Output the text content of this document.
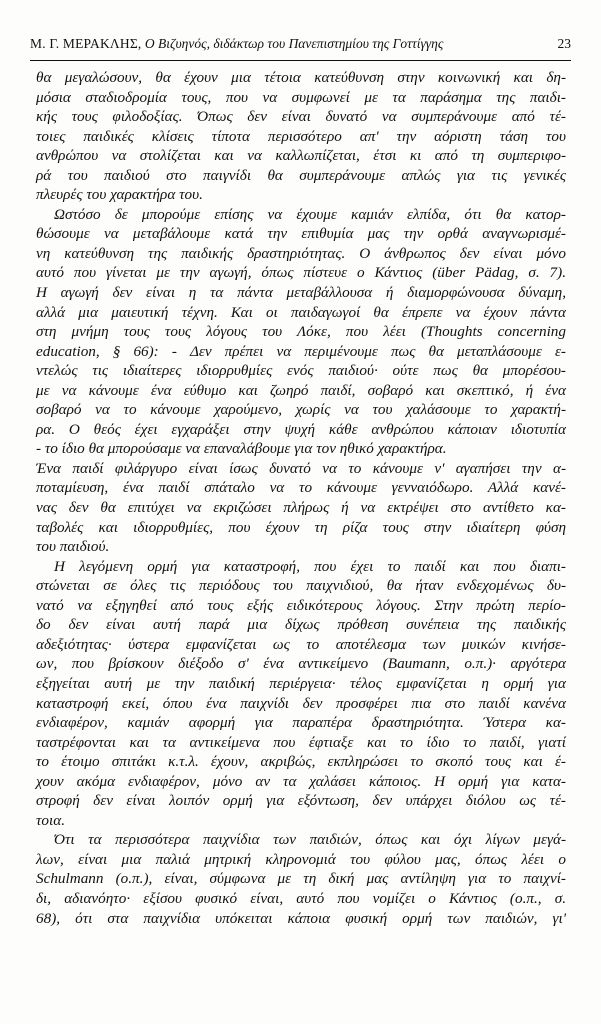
Μ. Γ. ΜΕΡΑΚΛΗΣ, Ο Βιζυηνός, διδάκτωρ του Πανεπιστημίου της Γοττίγγης	23
θα μεγαλώσουν, θα έχουν μια τέτοια κατεύθυνση στην κοινωνική και δη-
μόσια σταδιοδρομία τους, που να συμφωνεί με τα παράσημα της παιδι-
κής τους φιλοδοξίας. Όπως δεν είναι δυνατό να συμπεράνουμε από τέ-
τοιες παιδικές κλίσεις τίποτα περισσότερο απ' την αόριστη τάση του
ανθρώπου να στολίζεται και να καλλωπίζεται, έτσι κι από τη συμπεριφο-
ρά του παιδιού στο παιγνίδι θα συμπεράνουμε απλώς για τις γενικές
πλευρές του χαρακτήρα του.
Ωστόσο δε μπορούμε επίσης να έχουμε καμιάν ελπίδα, ότι θα κατορ-
θώσουμε να μεταβάλουμε κατά την επιθυμία μας την ορθά αναγνωρισμέ-
νη κατεύθυνση της παιδικής δραστηριότητας. Ο άνθρωπος δεν είναι μόνο
αυτό που γίνεται με την αγωγή, όπως πίστευε ο Κάντιος (über Pädag, σ. 7).
Η αγωγή δεν είναι η τα πάντα μεταβάλλουσα ή διαμορφώνουσα δύναμη,
αλλά μια μαιευτική τέχνη. Και οι παιδαγωγοί θα έπρεπε να έχουν πάντα
στη μνήμη τους τους λόγους του Λόκε, που λέει (Thoughts concerning
education, § 66): - Δεν πρέπει να περιμένουμε πως θα μεταπλάσουμε ε-
ντελώς τις ιδιαίτερες ιδιορρυθμίες ενός παιδιού· ούτε πως θα μπορέσου-
με να κάνουμε ένα εύθυμο και ζωηρό παιδί, σοβαρό και σκεπτικό, ή ένα
σοβαρό να το κάνουμε χαρούμενο, χωρίς να του χαλάσουμε το χαρακτή-
ρα. Ο θεός έχει εγχαράξει στην ψυχή κάθε ανθρώπου κάποιαν ιδιοτυπία
- το ίδιο θα μπορούσαμε να επαναλάβουμε για τον ηθικό χαρακτήρα.
Ένα παιδί φιλάργυρο είναι ίσως δυνατό να το κάνουμε ν' αγαπήσει την α-
ποταμίευση, ένα παιδί σπάταλο να το κάνουμε γενναιόδωρο. Αλλά κανέ-
νας δεν θα επιτύχει να εκριζώσει πλήρως ή να εκτρέψει στο αντίθετο κα-
ταβολές και ιδιορρυθμίες, που έχουν τη ρίζα τους στην ιδιαίτερη φύση
του παιδιού.
Η λεγόμενη ορμή για καταστροφή, που έχει το παιδί και που διαπι-
στώνεται σε όλες τις περιόδους του παιχνιδιού, θα ήταν ενδεχομένως δυ-
νατό να εξηγηθεί από τους εξής ειδικότερους λόγους. Στην πρώτη περίο-
δο δεν είναι αυτή παρά μια δίχως πρόθεση συνέπεια της παιδικής
αδεξιότητας· ύστερα εμφανίζεται ως το αποτέλεσμα των μυικών κινήσε-
ων, που βρίσκουν διέξοδο σ' ένα αντικείμενο (Baumann, ο.π.)· αργότερα
εξηγείται αυτή με την παιδική περιέργεια· τέλος εμφανίζεται η ορμή για
καταστροφή εκεί, όπου ένα παιχνίδι δεν προσφέρει πια στο παιδί κανένα
ενδιαφέρον, καμιάν αφορμή για παραπέρα δραστηριότητα. Ύστερα κα-
ταστρέφονται και τα αντικείμενα που έφτιαξε και το ίδιο το παιδί, γιατί
το έτοιμο σπιτάκι κ.τ.λ. έχουν, ακριβώς, εκπληρώσει το σκοπό τους και έ-
χουν ακόμα ενδιαφέρον, μόνο αν τα χαλάσει κάποιος. Η ορμή για κατα-
στροφή δεν είναι λοιπόν ορμή για εξόντωση, δεν υπάρχει διόλου ως τέ-
τοια.
Ότι τα περισσότερα παιχνίδια των παιδιών, όπως και όχι λίγων μεγά-
λων, είναι μια παλιά μητρική κληρονομιά του φύλου μας, όπως λέει ο
Schulmann (ο.π.), είναι, σύμφωνα με τη δική μας αντίληψη για το παιχνί-
δι, αδιανόητο· εξίσου φυσικό είναι, αυτό που νομίζει ο Κάντιος (ο.π., σ.
68), ότι στα παιχνίδια υπόκειται κάποια φυσική ορμή των παιδιών, γι'
